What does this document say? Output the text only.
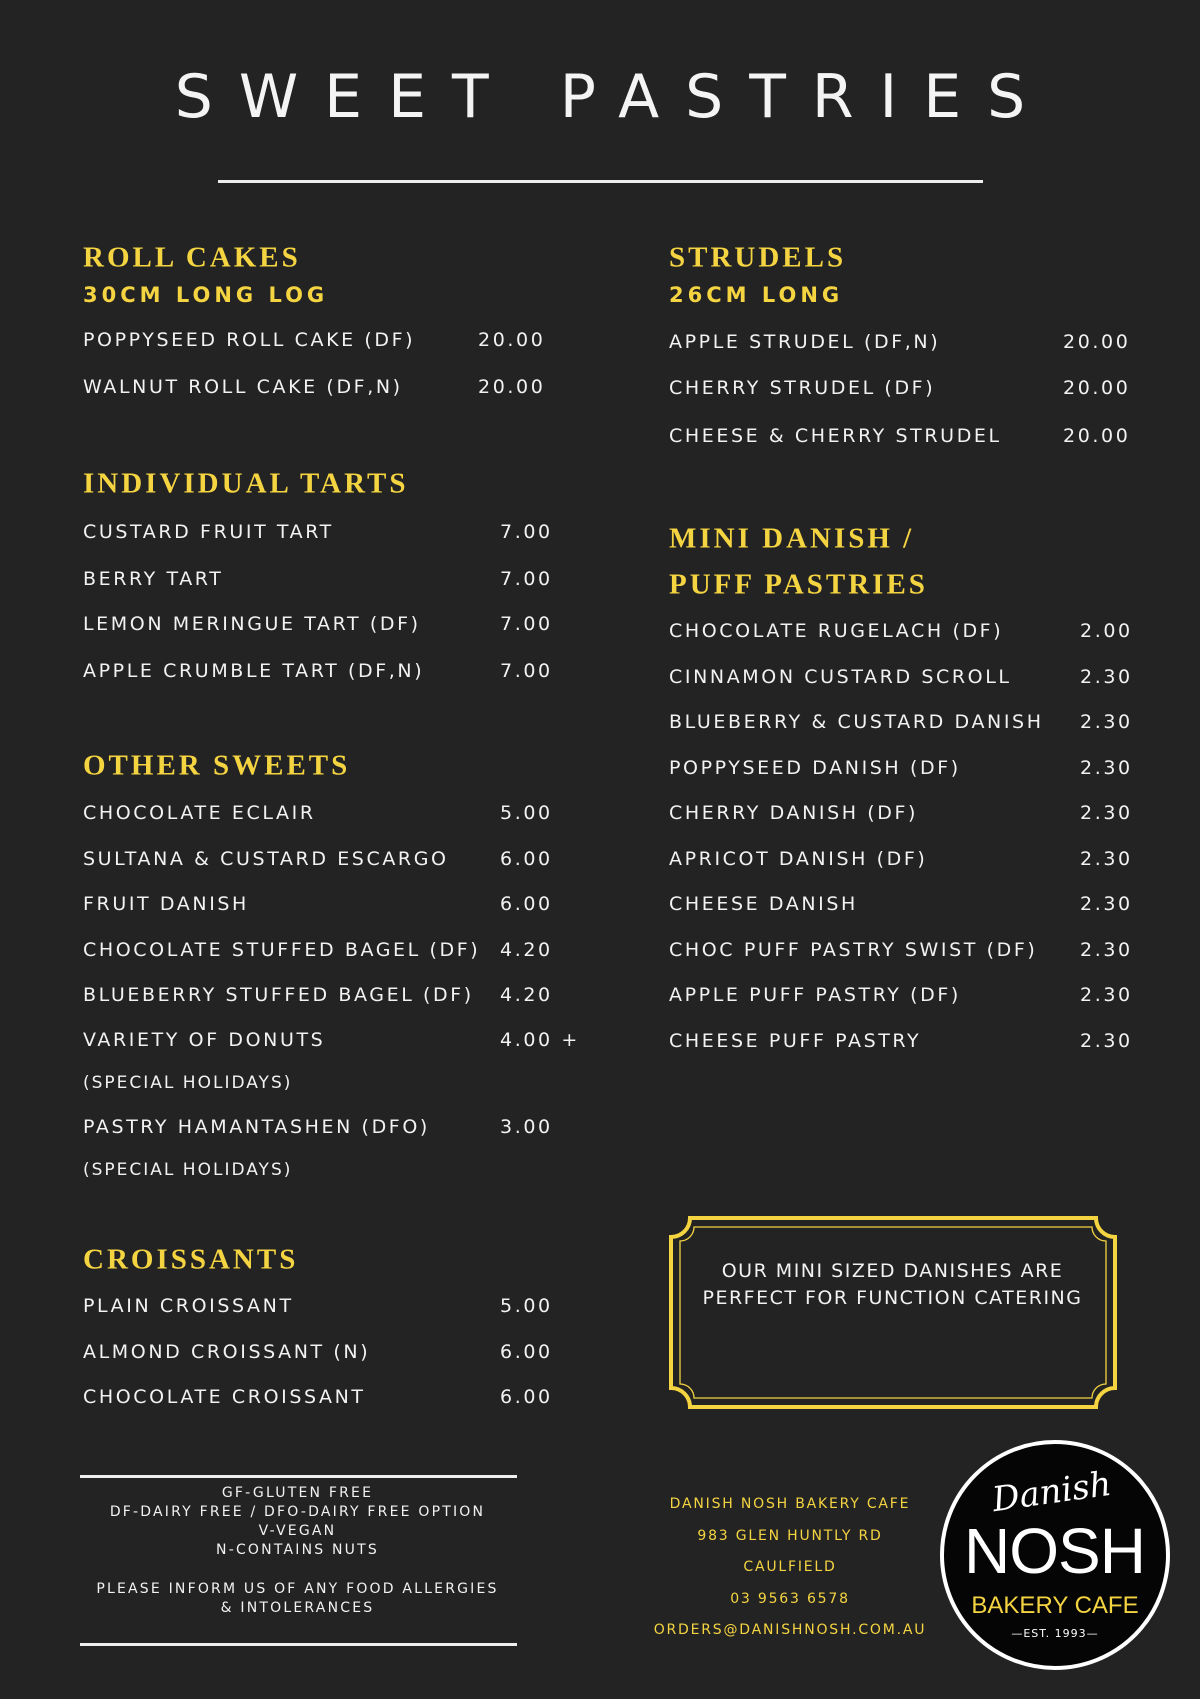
SWEET PASTRIES
ROLL CAKES
30CM LONG LOG
POPPYSEED ROLL CAKE (DF)	20.00
WALNUT ROLL CAKE (DF,N)	20.00
INDIVIDUAL TARTS
CUSTARD FRUIT TART	7.00
BERRY TART	7.00
LEMON MERINGUE TART (DF)	7.00
APPLE CRUMBLE TART (DF,N)	7.00
OTHER SWEETS
CHOCOLATE ECLAIR	5.00
SULTANA & CUSTARD ESCARGO	6.00
FRUIT DANISH	6.00
CHOCOLATE STUFFED BAGEL (DF) 4.20
BLUEBERRY STUFFED BAGEL (DF) 4.20
VARIETY OF DONUTS	4.00 +
(SPECIAL HOLIDAYS)
PASTRY HAMANTASHEN (DFO)	3.00
(SPECIAL HOLIDAYS)
CROISSANTS
PLAIN CROISSANT	5.00
ALMOND CROISSANT (N)	6.00
CHOCOLATE CROISSANT	6.00
STRUDELS
26CM LONG
APPLE STRUDEL (DF,N)	20.00
CHERRY STRUDEL (DF)	20.00
CHEESE & CHERRY STRUDEL	20.00
MINI DANISH /
PUFF PASTRIES
CHOCOLATE RUGELACH (DF)	2.00
CINNAMON CUSTARD SCROLL	2.30
BLUEBERRY & CUSTARD DANISH 2.30
POPPYSEED DANISH (DF)	2.30
CHERRY DANISH (DF)	2.30
APRICOT DANISH (DF)	2.30
CHEESE DANISH	2.30
CHOC PUFF PASTRY SWIST (DF) 2.30
APPLE PUFF PASTRY (DF)	2.30
CHEESE PUFF PASTRY	2.30
OUR MINI SIZED DANISHES ARE PERFECT FOR FUNCTION CATERING
GF-GLUTEN FREE
DF-DAIRY FREE / DFO-DAIRY FREE OPTION
V-VEGAN
N-CONTAINS NUTS
PLEASE INFORM US OF ANY FOOD ALLERGIES
& INTOLERANCES
DANISH NOSH BAKERY CAFE
983 GLEN HUNTLY RD
CAULFIELD
03 9563 6578
ORDERS@DANISHNOSH.COM.AU
Danish
NOSH
BAKERY CAFE
—EST. 1993—
